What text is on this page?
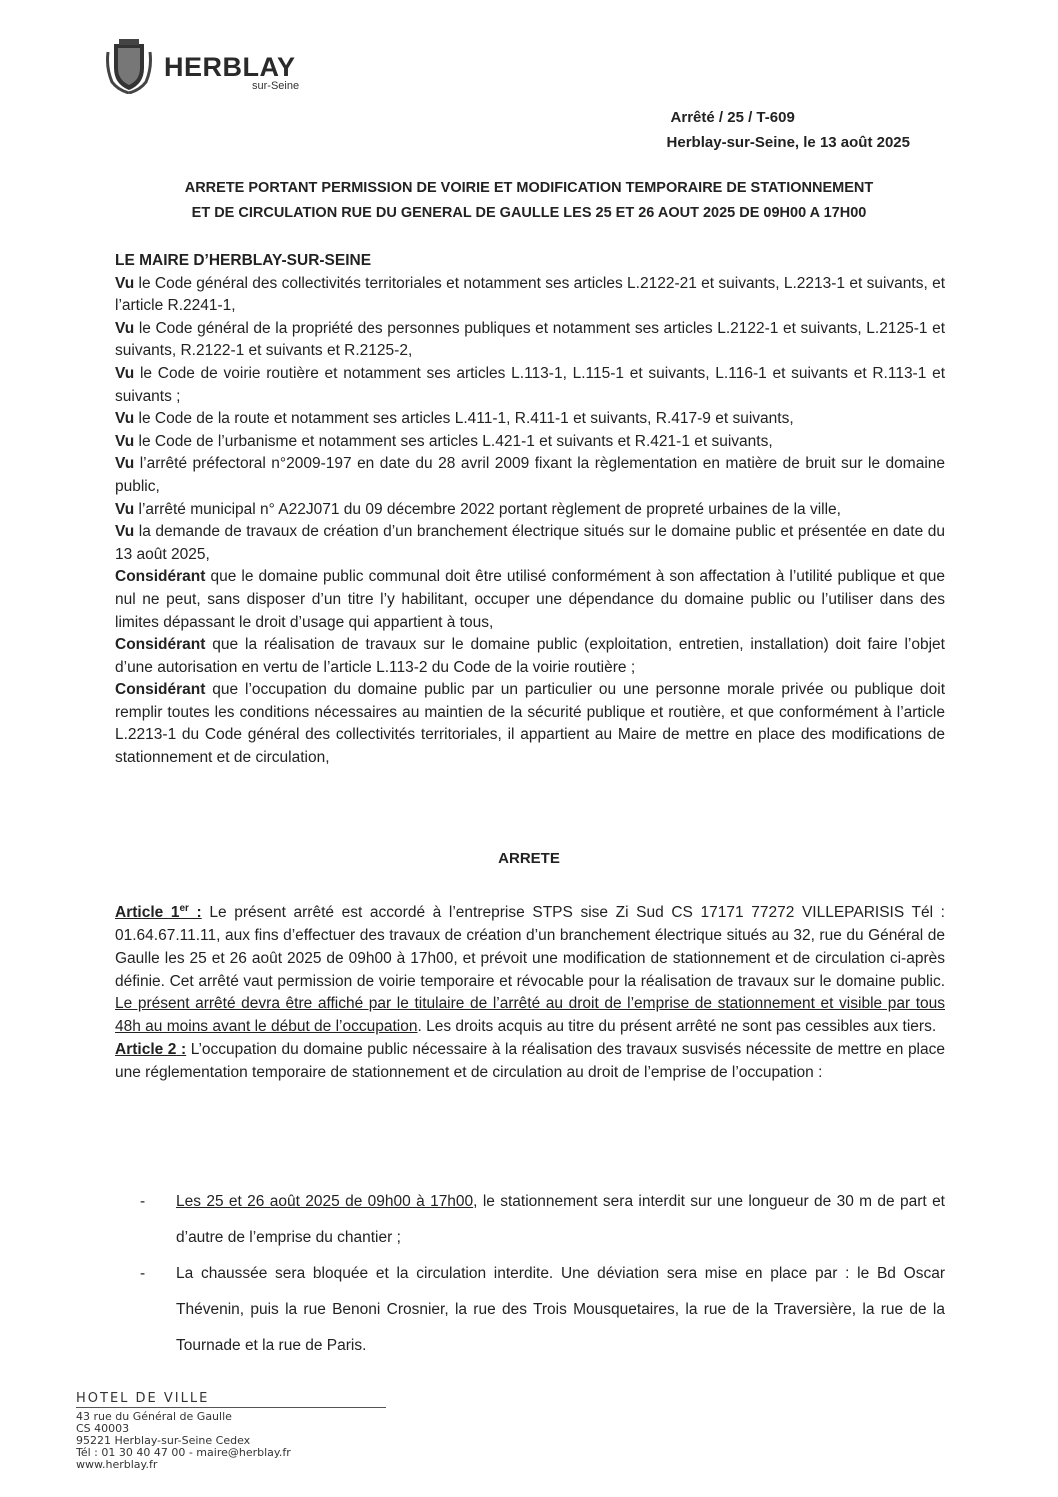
HERBLAY
sur-Seine
Arrêté / 25 / T-609
Herblay-sur-Seine, le 13 août 2025
ARRETE PORTANT PERMISSION DE VOIRIE ET MODIFICATION TEMPORAIRE DE STATIONNEMENT
ET DE CIRCULATION RUE DU GENERAL DE GAULLE LES 25 ET 26 AOUT 2025 DE 09H00 A 17H00

LE MAIRE D’HERBLAY-SUR-SEINE

Vu le Code général des collectivités territoriales et notamment ses articles L.2122-21 et suivants, L.2213-1 et suivants, et l’article R.2241-1,

Vu le Code général de la propriété des personnes publiques et notamment ses articles L.2122-1 et suivants, L.2125-1 et suivants, R.2122-1 et suivants et R.2125-2,

Vu le Code de voirie routière et notamment ses articles L.113-1, L.115-1 et suivants, L.116-1 et suivants et R.113-1 et suivants ;

Vu le Code de la route et notamment ses articles L.411-1, R.411-1 et suivants, R.417-9 et suivants,

Vu le Code de l’urbanisme et notamment ses articles L.421-1 et suivants et R.421-1 et suivants,

Vu l’arrêté préfectoral n°2009-197 en date du 28 avril 2009 fixant la règlementation en matière de bruit sur le domaine public,

Vu l’arrêté municipal n° A22J071 du 09 décembre 2022 portant règlement de propreté urbaines de la ville,

Vu la demande de travaux de création d’un branchement électrique situés sur le domaine public et présentée en date du 13 août 2025,

Considérant que le domaine public communal doit être utilisé conformément à son affectation à l’utilité publique et que nul ne peut, sans disposer d’un titre l’y habilitant, occuper une dépendance du domaine public ou l’utiliser dans des limites dépassant le droit d’usage qui appartient à tous,

Considérant que la réalisation de travaux sur le domaine public (exploitation, entretien, installation) doit faire l’objet d’une autorisation en vertu de l’article L.113-2 du Code de la voirie routière ;

Considérant que l’occupation du domaine public par un particulier ou une personne morale privée ou publique doit remplir toutes les conditions nécessaires au maintien de la sécurité publique et routière, et que conformément à l’article L.2213-1 du Code général des collectivités territoriales, il appartient au Maire de mettre en place des modifications de stationnement et de circulation,

ARRETE

Article 1er : Le présent arrêté est accordé à l’entreprise STPS sise Zi Sud CS 17171 77272 VILLEPARISIS Tél : 01.64.67.11.11, aux fins d’effectuer des travaux de création d’un branchement électrique situés au 32, rue du Général de Gaulle les 25 et 26 août 2025 de 09h00 à 17h00, et prévoit une modification de stationnement et de circulation ci-après définie. Cet arrêté vaut permission de voirie temporaire et révocable pour la réalisation de travaux sur le domaine public. Le présent arrêté devra être affiché par le titulaire de l’arrêté au droit de l’emprise de stationnement et visible par tous 48h au moins avant le début de l’occupation. Les droits acquis au titre du présent arrêté ne sont pas cessibles aux tiers.

Article 2 : L’occupation du domaine public nécessaire à la réalisation des travaux susvisés nécessite de mettre en place une réglementation temporaire de stationnement et de circulation au droit de l’emprise de l’occupation :

- Les 25 et 26 août 2025 de 09h00 à 17h00, le stationnement sera interdit sur une longueur de 30 m de part et d’autre de l’emprise du chantier ;
- La chaussée sera bloquée et la circulation interdite. Une déviation sera mise en place par : le Bd Oscar Thévenin, puis la rue Benoni Crosnier, la rue des Trois Mousquetaires, la rue de la Traversière, la rue de la Tournade et la rue de Paris.
HOTEL DE VILLE
43 rue du Général de Gaulle
CS 40003
95221 Herblay-sur-Seine Cedex
Tél : 01 30 40 47 00 - maire@herblay.fr
www.herblay.fr
